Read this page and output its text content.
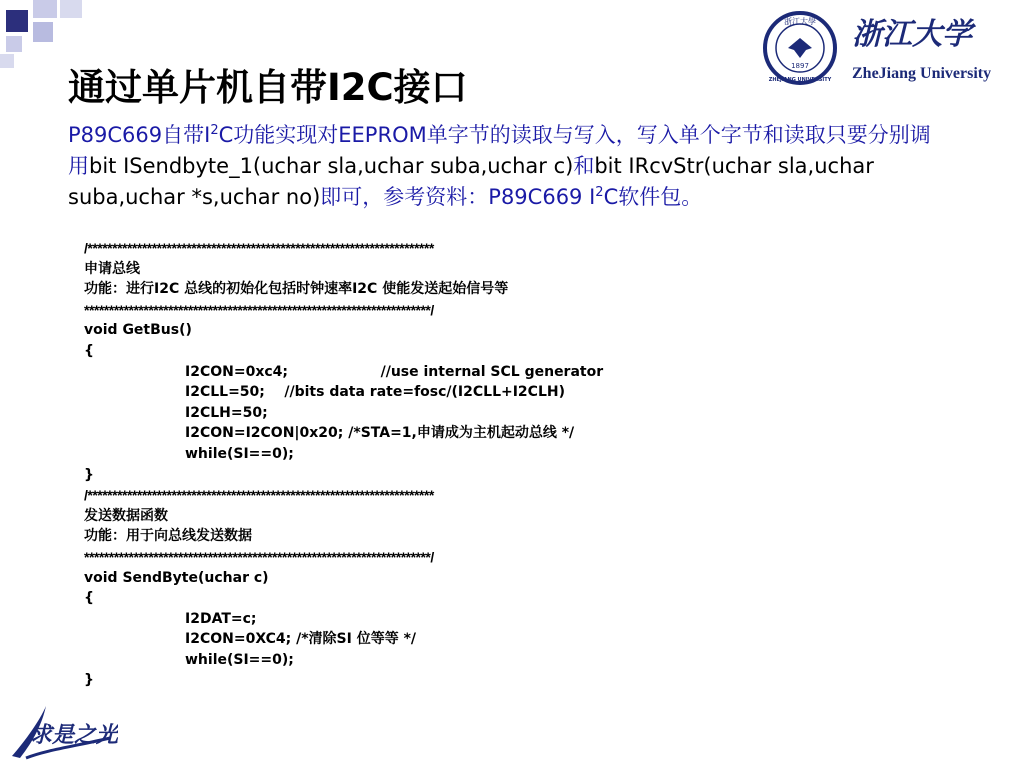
浙江大學
1897
ZHEJIANG UNIVERSITY
浙江大学
ZheJiang University
通过单片机自带I2C接口
P89C669自带$I^2C$功能实现对EEPROM单字节的读取与写入，写入单个字节和读取只要分别调用bit ISendbyte_1(uchar sla,uchar suba,uchar c)和bit IRcvStr(uchar sla,uchar suba,uchar *s,uchar no)即可，参考资料：P89C669 $I^2C$软件包。
/**********************************************************************
申请总线
功能：进行I2C 总线的初始化包括时钟速率I2C 使能发送起始信号等
**********************************************************************/
void GetBus()
{
I2CON=0xc4;                   //use internal SCL generator
I2CLL=50;    //bits data rate=fosc/(I2CLL+I2CLH)
I2CLH=50;
I2CON=I2CON|0x20; /*STA=1,申请成为主机起动总线 */
while(SI==0);
}
/**********************************************************************
发送数据函数
功能：用于向总线发送数据
**********************************************************************/
void SendByte(uchar c)
{
I2DAT=c;
I2CON=0XC4; /*清除SI 位等等 */
while(SI==0);
}
求是之光
